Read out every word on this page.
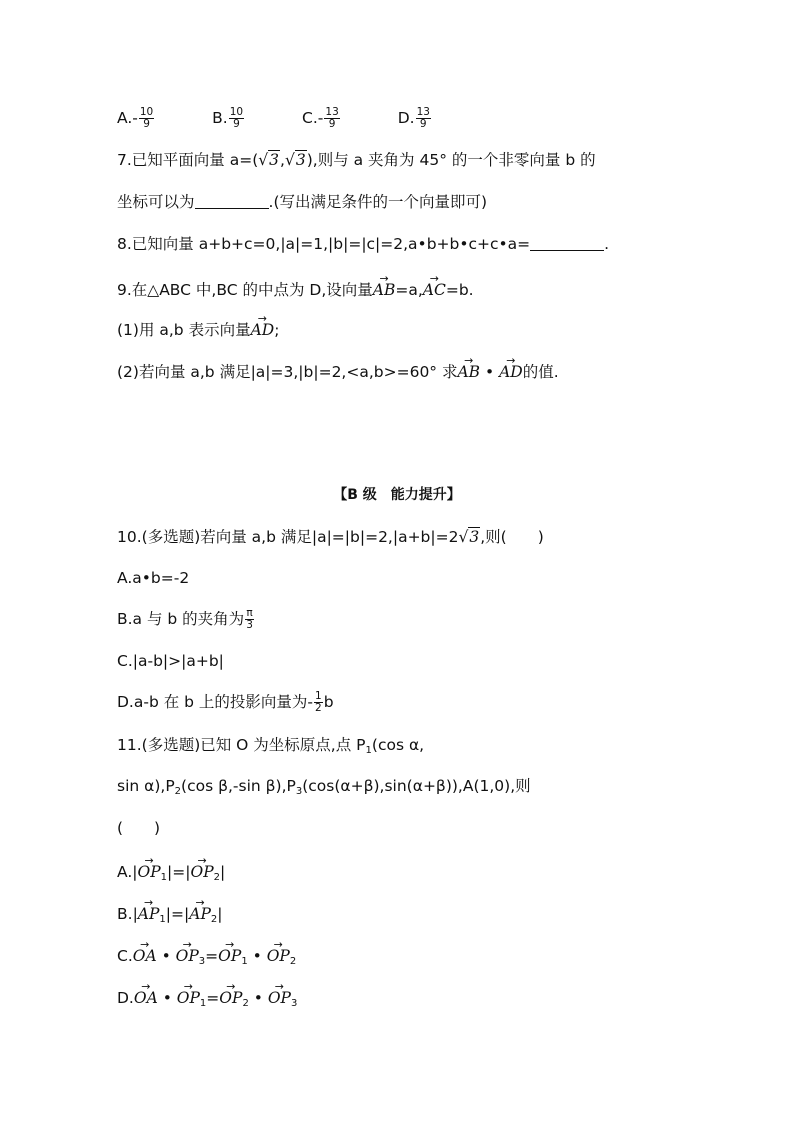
$A.- \frac{10}{9}$	B. $\frac{10}{9}$	$C.- \frac{13}{9}$	D. $\frac{13}{9}$
7.已知平面向量 a=(√3,√3),则与 a 夹角为 45° 的一个非零向量 b 的
坐标可以为	.(写出满足条件的一个向量即可)
8.已知向量 a+b+c=0,|a|=1,|b|=|c|=2,a•b+b•c+c•a=	.
9.在△ABC 中,BC 的中点为 D,设向量→ AB=a,→ AC=b.
(1)用 a,b 表示向量→ AD;
(2)若向量 a,b 满足|a|=3,|b|=2,<a,b>=60° 求→ AB • → AD的值.
【B 级　能力提升】
10.(多选题)若向量 a,b 满足|a|=|b|=2,|a+b|=2√3,则(　　)
A.a•b=-2
B.a 与 b 的夹角为 $\frac{\pi}{3}$
C.|a-b|>|a+b|
D.a-b 在 b 上的投影向量为- $\frac{1}{2}$ b
11.(多选题)已知 O 为坐标原点,点 $P_1(\cos$ α,
$\sin \alpha),P_2(\cos$ β,-sin $\beta),P_3(\cos(\alpha+\beta),\sin(\alpha+\beta)),A(1,0)$,则
(　　)
$A.|\to OP_1|=|\to OP_2|$
$B.|\to AP_1|=|\to AP_2|$
C.→ OA • → $OP_3=\to OP_1$ • → $OP_2$
D.→ OA • → $OP_1=\to OP_2$ • → $OP_3$
